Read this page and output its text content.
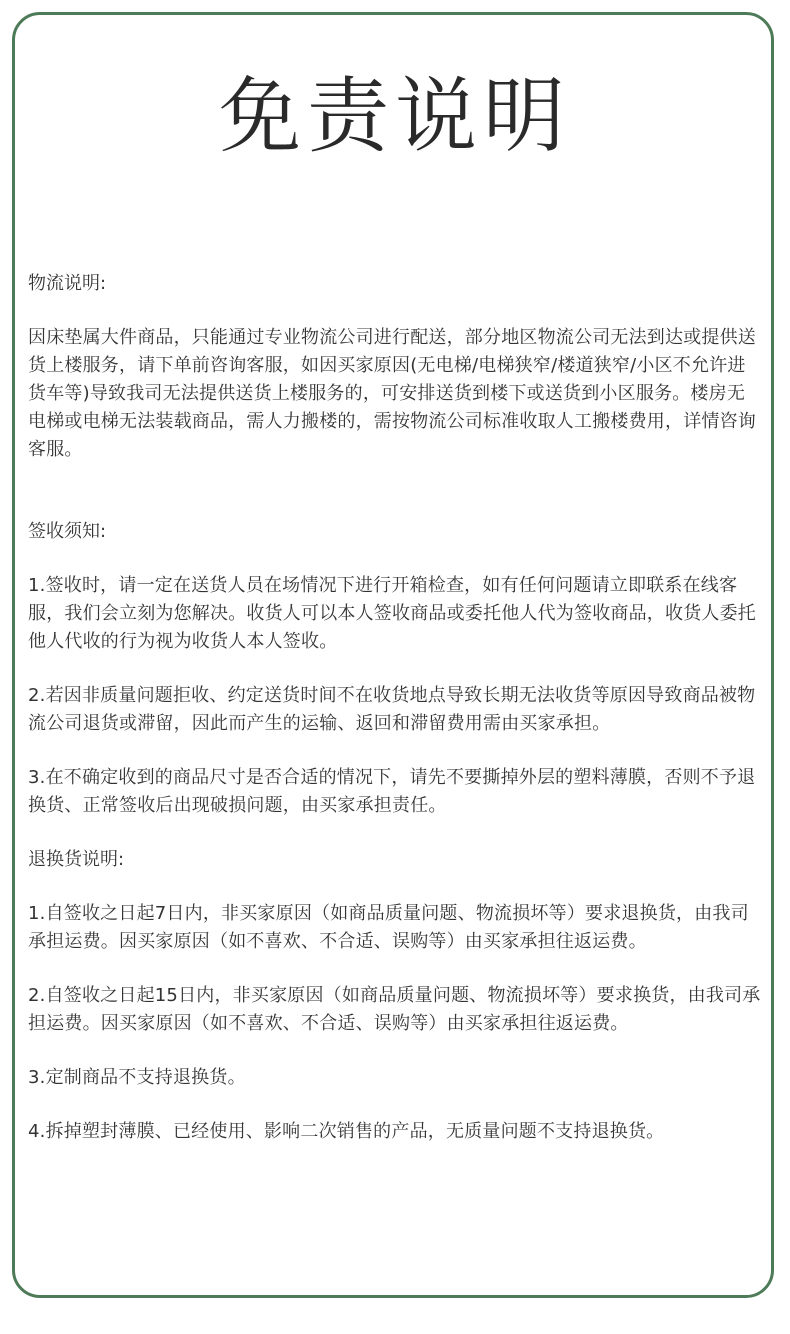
免责说明

物流说明:

因床垫属大件商品，只能通过专业物流公司进行配送，部分地区物流公司无法到达或提供送货上楼服务，请下单前咨询客服，如因买家原因(无电梯/电梯狭窄/楼道狭窄/小区不允许进货车等)导致我司无法提供送货上楼服务的，可安排送货到楼下或送货到小区服务。楼房无电梯或电梯无法装载商品，需人力搬楼的，需按物流公司标准收取人工搬楼费用，详情咨询客服。

签收须知:

1.签收时，请一定在送货人员在场情况下进行开箱检查，如有任何问题请立即联系在线客服，我们会立刻为您解决。收货人可以本人签收商品或委托他人代为签收商品，收货人委托他人代收的行为视为收货人本人签收。

2.若因非质量问题拒收、约定送货时间不在收货地点导致长期无法收货等原因导致商品被物流公司退货或滞留，因此而产生的运输、返回和滞留费用需由买家承担。

3.在不确定收到的商品尺寸是否合适的情况下，请先不要撕掉外层的塑料薄膜，否则不予退换货、正常签收后出现破损问题，由买家承担责任。

退换货说明:

1.自签收之日起7日内，非买家原因（如商品质量问题、物流损坏等）要求退换货，由我司承担运费。因买家原因（如不喜欢、不合适、误购等）由买家承担往返运费。

2.自签收之日起15日内，非买家原因（如商品质量问题、物流损坏等）要求换货，由我司承担运费。因买家原因（如不喜欢、不合适、误购等）由买家承担往返运费。

3.定制商品不支持退换货。

4.拆掉塑封薄膜、已经使用、影响二次销售的产品，无质量问题不支持退换货。
